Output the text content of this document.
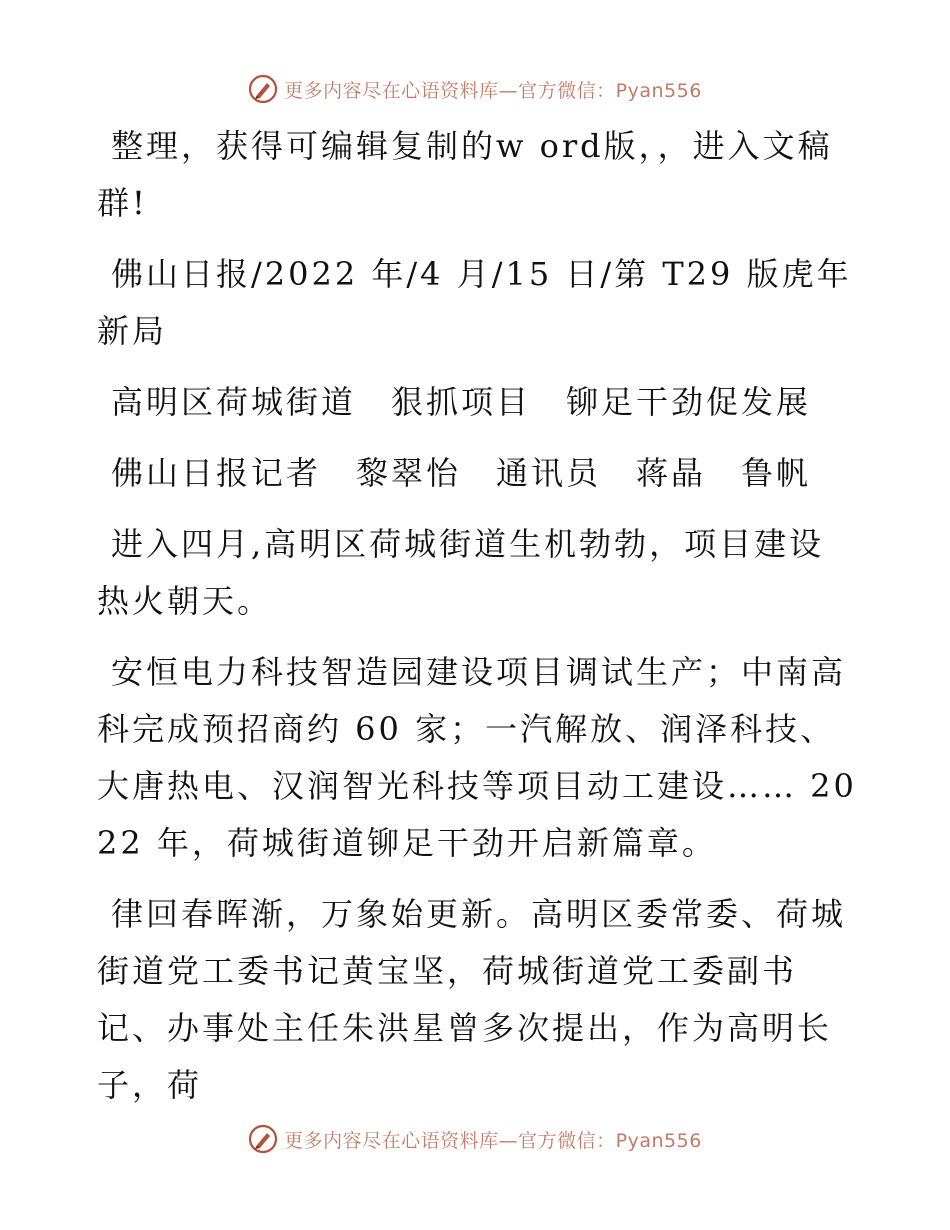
更多内容尽在心语资料库—官方微信：Pyan556

整理，获得可编辑复制的w ord版，，进入文稿群!

佛山日报/2022 年/4 月/15 日/第 T29 版虎年新局

高明区荷城街道　狠抓项目　铆足干劲促发展

佛山日报记者　黎翠怡　通讯员　蒋晶　鲁帆

进入四月,高明区荷城街道生机勃勃，项目建设热火朝天。

安恒电力科技智造园建设项目调试生产；中南高科完成预招商约 60 家；一汽解放、润泽科技、大唐热电、汉润智光科技等项目动工建设…… 2022 年，荷城街道铆足干劲开启新篇章。

律回春晖渐，万象始更新。高明区委常委、荷城街道党工委书记黄宝坚，荷城街道党工委副书记、办事处主任朱洪星曾多次提出，作为高明长子，荷

更多内容尽在心语资料库—官方微信：Pyan556
